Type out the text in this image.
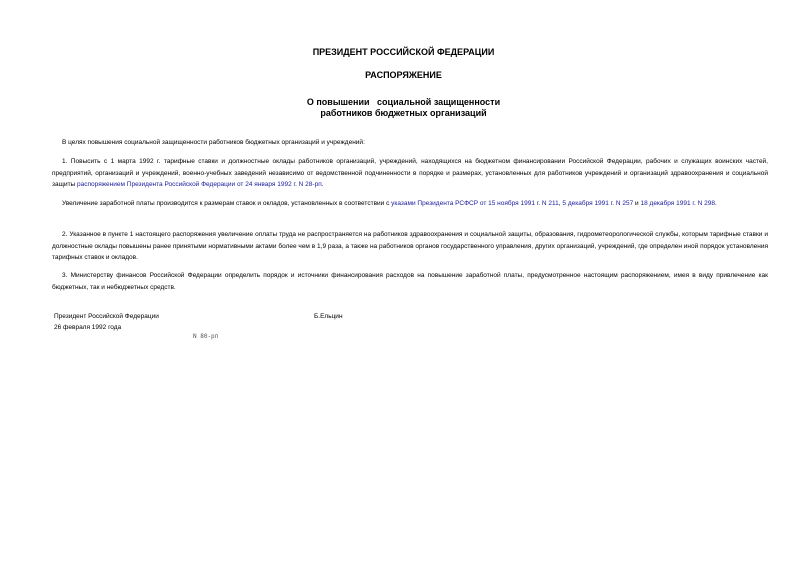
ПРЕЗИДЕНТ РОССИЙСКОЙ ФЕДЕРАЦИИ
РАСПОРЯЖЕНИЕ
О повышении   социальной защищенности
работников бюджетных организаций
В целях повышения социальной защищенности работников бюджетных организаций и учреждений:
1. Повысить с 1 марта 1992 г. тарифные ставки и должностные оклады работников организаций, учреждений, находящихся на бюджетном финансировании Российской Федерации, рабочих и служащих воинских частей, предприятий, организаций и учреждений, военно-учебных заведений независимо от ведомственной подчиненности в порядке и размерах, установленных для работников учреждений и организаций здравоохранения и социальной защиты распоряжением Президента Российской Федерации от 24 января 1992 г. N 28-рп.
Увеличение заработной платы производится к размерам ставок и окладов, установленных в соответствии с указами Президента РСФСР от 15 ноября 1991 г. N 211, 5 декабря 1991 г. N 257 и 18 декабря 1991 г. N 298.
2. Указанное в пункте 1 настоящего распоряжения увеличение оплаты труда не распространяется на работников здравоохранения и социальной защиты, образования, гидрометеорологической службы, которым тарифные ставки и должностные оклады повышены ранее принятыми нормативными актами более чем в 1,9 раза, а также на работников органов государственного управления, других организаций, учреждений, где определен иной порядок установления тарифных ставок и окладов.
3. Министерству финансов Российской Федерации определить порядок и источники финансирования расходов на повышение заработной платы, предусмотренное настоящим распоряжением, имея в виду привлечение как бюджетных, так и небюджетных средств.
Президент Российской Федерации	Б.Ельцин
26 февраля 1992 года
N 80-рп
